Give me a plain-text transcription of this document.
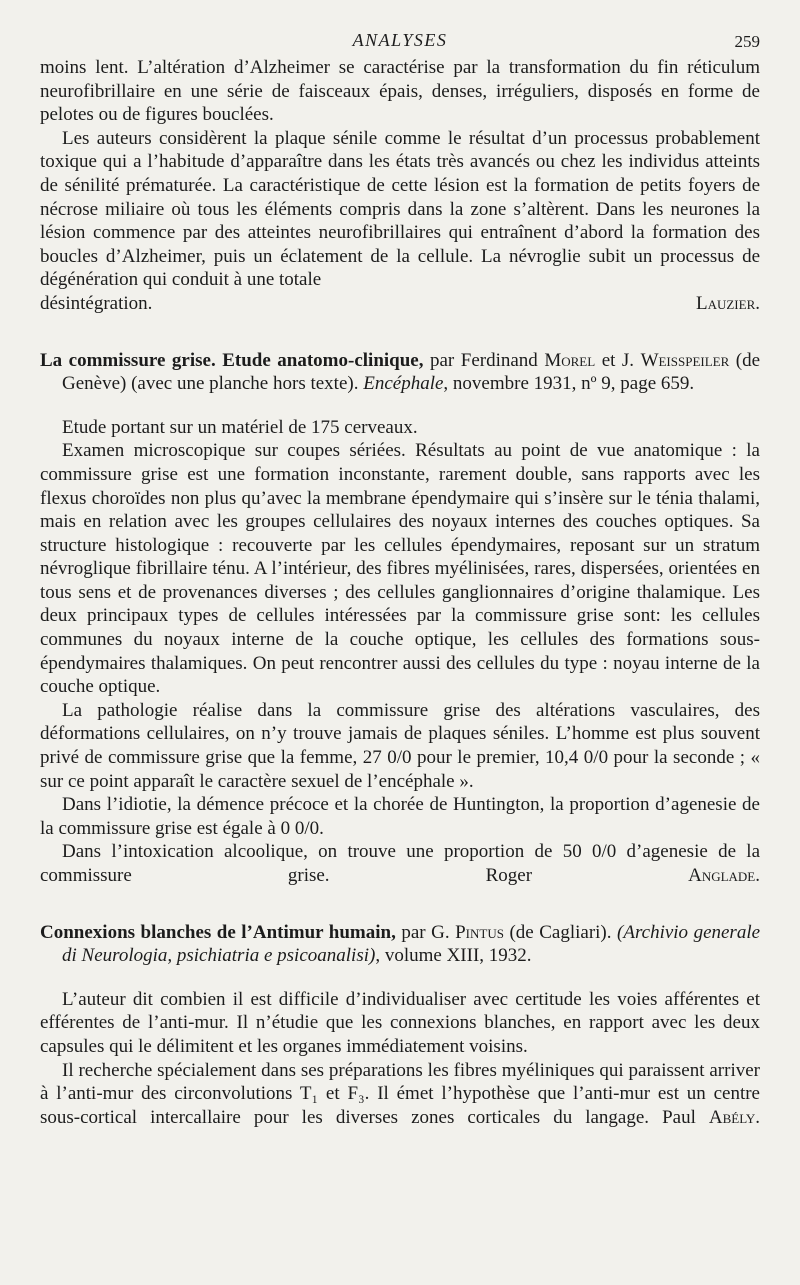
ANALYSES	259

moins lent. L’altération d’Alzheimer se caractérise par la transformation du fin réticulum neurofibrillaire en une série de faisceaux épais, denses, irréguliers, disposés en forme de pelotes ou de figures bouclées.

Les auteurs considèrent la plaque sénile comme le résultat d’un processus probablement toxique qui a l’habitude d’apparaître dans les états très avancés ou chez les individus atteints de sénilité prématurée. La caractéristique de cette lésion est la formation de petits foyers de nécrose miliaire où tous les éléments compris dans la zone s’altèrent. Dans les neurones la lésion commence par des atteintes neurofibrillaires qui entraînent d’abord la formation des boucles d’Alzheimer, puis un éclatement de la cellule. La névroglie subit un processus de dégénération qui conduit à une totale

désintégration.	Lauzier.

La commissure grise. Etude anatomo-clinique, par Ferdinand Morel et J. Weisspeiler (de Genève) (avec une planche hors texte). Encéphale, novembre 1931, nº 9, page 659.

Etude portant sur un matériel de 175 cerveaux.

Examen microscopique sur coupes sériées. Résultats au point de vue anatomique : la commissure grise est une formation inconstante, rarement double, sans rapports avec les flexus choroïdes non plus qu’avec la membrane épendymaire qui s’insère sur le ténia thalami, mais en relation avec les groupes cellulaires des noyaux internes des couches optiques. Sa structure histologique : recouverte par les cellules épendymaires, reposant sur un stratum névroglique fibrillaire ténu. A l’intérieur, des fibres myélinisées, rares, dispersées, orientées en tous sens et de provenances diverses ; des cellules ganglionnaires d’origine thalamique. Les deux principaux types de cellules intéressées par la commissure grise sont: les cellules communes du noyaux interne de la couche optique, les cellules des formations sous-épendymaires thalamiques. On peut rencontrer aussi des cellules du type : noyau interne de la couche optique.

La pathologie réalise dans la commissure grise des altérations vasculaires, des déformations cellulaires, on n’y trouve jamais de plaques séniles. L’homme est plus souvent privé de commissure grise que la femme, 27 0/0 pour le premier, 10,4 0/0 pour la seconde ; « sur ce point apparaît le caractère sexuel de l’encéphale ».

Dans l’idiotie, la démence précoce et la chorée de Huntington, la proportion d’agenesie de la commissure grise est égale à 0 0/0.

Dans l’intoxication alcoolique, on trouve une proportion de 50 0/0 d’agenesie de la commissure grise.	Roger	Anglade.

Connexions blanches de l’Antimur humain, par G. Pintus (de Cagliari). (Archivio generale di Neurologia, psichiatria e psicoanalisi), volume XIII, 1932.

L’auteur dit combien il est difficile d’individualiser avec certitude les voies afférentes et efférentes de l’anti-mur. Il n’étudie que les connexions blanches, en rapport avec les deux capsules qui le délimitent et les organes immédiatement voisins.

Il recherche spécialement dans ses préparations les fibres myéliniques qui paraissent arriver à l’anti-mur des circonvolutions T₁ et F₃. Il émet l’hypothèse que l’anti-mur est un centre sous-cortical intercallaire pour les diverses zones corticales du langage. Paul Abély.
